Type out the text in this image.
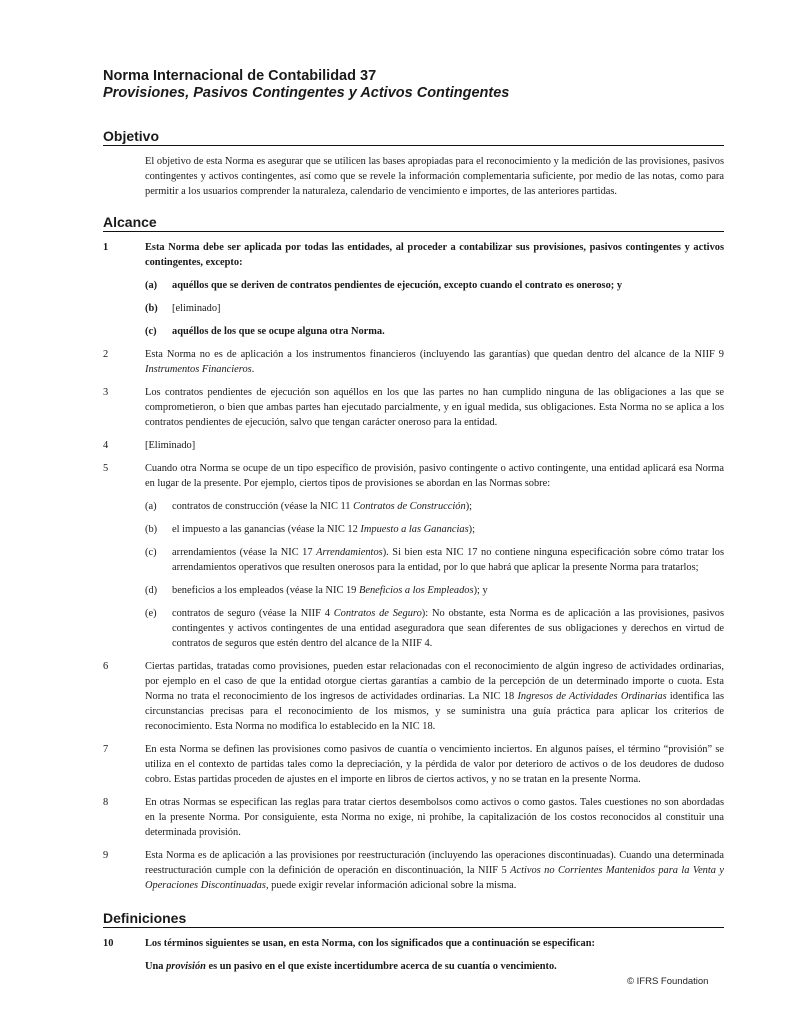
Norma Internacional de Contabilidad 37
Provisiones, Pasivos Contingentes y Activos Contingentes
Objetivo

El objetivo de esta Norma es asegurar que se utilicen las bases apropiadas para el reconocimiento y la medición de las provisiones, pasivos contingentes y activos contingentes, así como que se revele la información complementaria suficiente, por medio de las notas, como para permitir a los usuarios comprender la naturaleza, calendario de vencimiento e importes, de las anteriores partidas.

Alcance
1	Esta Norma debe ser aplicada por todas las entidades, al proceder a contabilizar sus provisiones, pasivos contingentes y activos contingentes, excepto:
(a)	aquéllos que se deriven de contratos pendientes de ejecución, excepto cuando el contrato es oneroso; y
(b)	[eliminado]
(c)	aquéllos de los que se ocupe alguna otra Norma.
2	Esta Norma no es de aplicación a los instrumentos financieros (incluyendo las garantías) que quedan dentro del alcance de la NIIF 9 Instrumentos Financieros.
3	Los contratos pendientes de ejecución son aquéllos en los que las partes no han cumplido ninguna de las obligaciones a las que se comprometieron, o bien que ambas partes han ejecutado parcialmente, y en igual medida, sus obligaciones. Esta Norma no se aplica a los contratos pendientes de ejecución, salvo que tengan carácter oneroso para la entidad.
4	[Eliminado]
5	Cuando otra Norma se ocupe de un tipo específico de provisión, pasivo contingente o activo contingente, una entidad aplicará esa Norma en lugar de la presente. Por ejemplo, ciertos tipos de provisiones se abordan en las Normas sobre:
(a)	contratos de construcción (véase la NIC 11 Contratos de Construcción);
(b)	el impuesto a las ganancias (véase la NIC 12 Impuesto a las Ganancias);
(c)	arrendamientos (véase la NIC 17 Arrendamientos). Si bien esta NIC 17 no contiene ninguna especificación sobre cómo tratar los arrendamientos operativos que resulten onerosos para la entidad, por lo que habrá que aplicar la presente Norma para tratarlos;
(d)	beneficios a los empleados (véase la NIC 19 Beneficios a los Empleados); y
(e)	contratos de seguro (véase la NIIF 4 Contratos de Seguro): No obstante, esta Norma es de aplicación a las provisiones, pasivos contingentes y activos contingentes de una entidad aseguradora que sean diferentes de sus obligaciones y derechos en virtud de contratos de seguros que estén dentro del alcance de la NIIF 4.
6	Ciertas partidas, tratadas como provisiones, pueden estar relacionadas con el reconocimiento de algún ingreso de actividades ordinarias, por ejemplo en el caso de que la entidad otorgue ciertas garantías a cambio de la percepción de un determinado importe o cuota. Esta Norma no trata el reconocimiento de los ingresos de actividades ordinarias. La NIC 18 Ingresos de Actividades Ordinarias identifica las circunstancias precisas para el reconocimiento de los mismos, y se suministra una guía práctica para aplicar los criterios de reconocimiento. Esta Norma no modifica lo establecido en la NIC 18.
7	En esta Norma se definen las provisiones como pasivos de cuantía o vencimiento inciertos. En algunos países, el término “provisión” se utiliza en el contexto de partidas tales como la depreciación, y la pérdida de valor por deterioro de activos o de los deudores de dudoso cobro. Estas partidas proceden de ajustes en el importe en libros de ciertos activos, y no se tratan en la presente Norma.
8	En otras Normas se especifican las reglas para tratar ciertos desembolsos como activos o como gastos. Tales cuestiones no son abordadas en la presente Norma. Por consiguiente, esta Norma no exige, ni prohíbe, la capitalización de los costos reconocidos al constituir una determinada provisión.
9	Esta Norma es de aplicación a las provisiones por reestructuración (incluyendo las operaciones discontinuadas). Cuando una determinada reestructuración cumple con la definición de operación en discontinuación, la NIIF 5 Activos no Corrientes Mantenidos para la Venta y Operaciones Discontinuadas, puede exigir revelar información adicional sobre la misma.
Definiciones
10	Los términos siguientes se usan, en esta Norma, con los significados que a continuación se especifican:
Una provisión es un pasivo en el que existe incertidumbre acerca de su cuantía o vencimiento.
© IFRS Foundation
